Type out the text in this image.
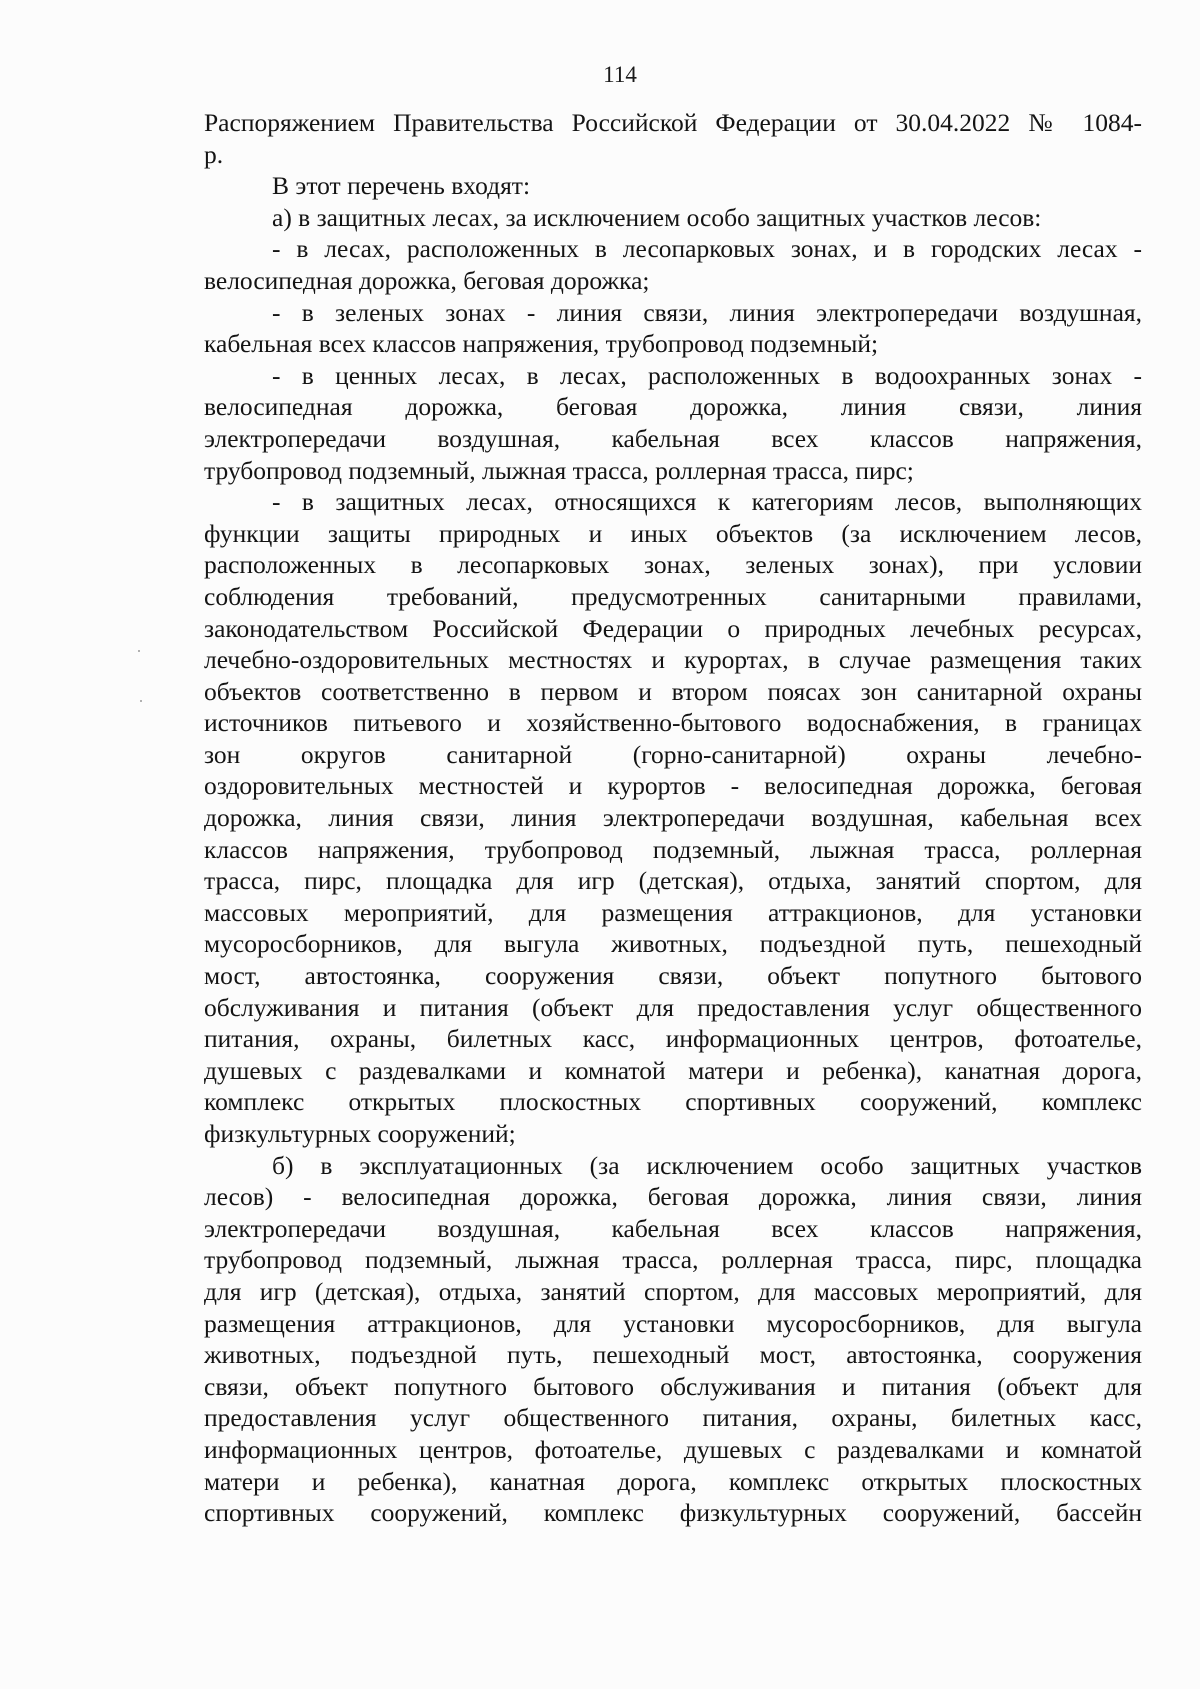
114

Распоряжением Правительства Российской Федерации от 30.04.2022 № 1084-

р.

В этот перечень входят:

а) в защитных лесах, за исключением особо защитных участков лесов:

- в лесах, расположенных в лесопарковых зонах, и в городских лесах -

велосипедная дорожка, беговая дорожка;

- в зеленых зонах - линия связи, линия электропередачи воздушная,

кабельная всех классов напряжения, трубопровод подземный;

- в ценных лесах, в лесах, расположенных в водоохранных зонах -

велосипедная дорожка, беговая дорожка, линия связи, линия

электропередачи воздушная, кабельная всех классов напряжения,

трубопровод подземный, лыжная трасса, роллерная трасса, пирс;

- в защитных лесах, относящихся к категориям лесов, выполняющих

функции защиты природных и иных объектов (за исключением лесов,

расположенных в лесопарковых зонах, зеленых зонах), при условии

соблюдения требований, предусмотренных санитарными правилами,

законодательством Российской Федерации о природных лечебных ресурсах,

лечебно-оздоровительных местностях и курортах, в случае размещения таких

объектов соответственно в первом и втором поясах зон санитарной охраны

источников питьевого и хозяйственно-бытового водоснабжения, в границах

зон округов санитарной (горно-санитарной) охраны лечебно-

оздоровительных местностей и курортов - велосипедная дорожка, беговая

дорожка, линия связи, линия электропередачи воздушная, кабельная всех

классов напряжения, трубопровод подземный, лыжная трасса, роллерная

трасса, пирс, площадка для игр (детская), отдыха, занятий спортом, для

массовых мероприятий, для размещения аттракционов, для установки

мусоросборников, для выгула животных, подъездной путь, пешеходный

мост, автостоянка, сооружения связи, объект попутного бытового

обслуживания и питания (объект для предоставления услуг общественного

питания, охраны, билетных касс, информационных центров, фотоателье,

душевых с раздевалками и комнатой матери и ребенка), канатная дорога,

комплекс открытых плоскостных спортивных сооружений, комплекс

физкультурных сооружений;

б) в эксплуатационных (за исключением особо защитных участков

лесов) - велосипедная дорожка, беговая дорожка, линия связи, линия

электропередачи воздушная, кабельная всех классов напряжения,

трубопровод подземный, лыжная трасса, роллерная трасса, пирс, площадка

для игр (детская), отдыха, занятий спортом, для массовых мероприятий, для

размещения аттракционов, для установки мусоросборников, для выгула

животных, подъездной путь, пешеходный мост, автостоянка, сооружения

связи, объект попутного бытового обслуживания и питания (объект для

предоставления услуг общественного питания, охраны, билетных касс,

информационных центров, фотоателье, душевых с раздевалками и комнатой

матери и ребенка), канатная дорога, комплекс открытых плоскостных

спортивных сооружений, комплекс физкультурных сооружений, бассейн
